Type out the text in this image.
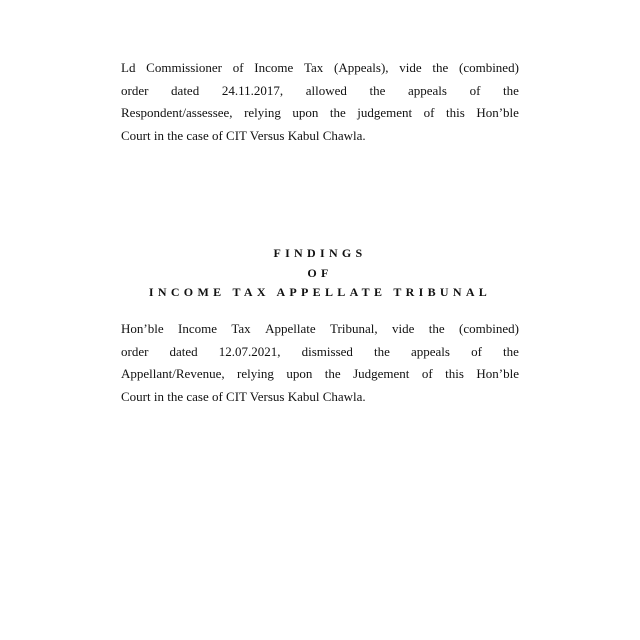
Ld Commissioner of Income Tax (Appeals), vide the (combined)
order dated 24.11.2017, allowed the appeals of the
Respondent/assessee, relying upon the judgement of this Hon’ble
Court in the case of CIT Versus Kabul Chawla.

FINDINGS
OF
INCOME TAX APPELLATE TRIBUNAL

Hon’ble Income Tax Appellate Tribunal, vide the (combined)
order dated 12.07.2021, dismissed the appeals of the
Appellant/Revenue, relying upon the Judgement of this Hon’ble
Court in the case of CIT Versus Kabul Chawla.
